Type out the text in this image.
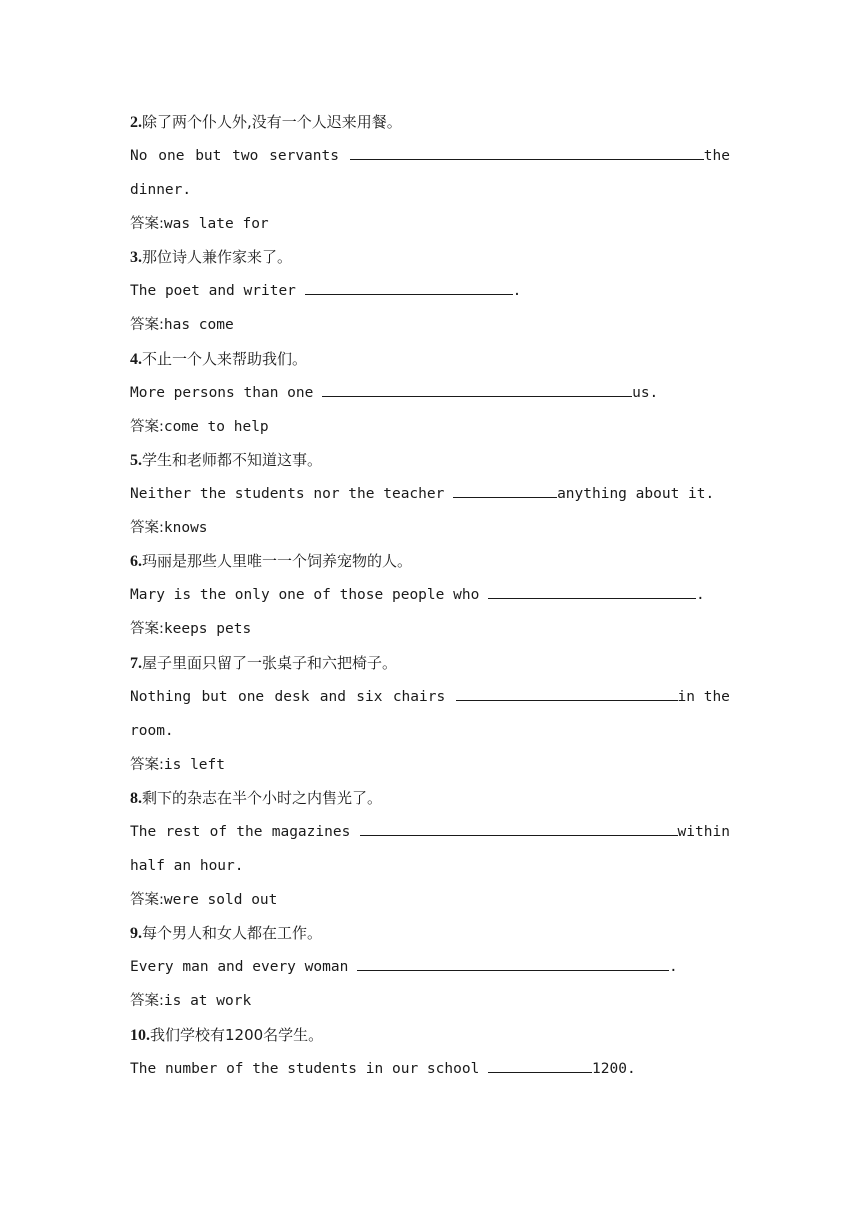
2.除了两个仆人外,没有一个人迟来用餐。
No one but two servants	the
dinner.
答案:was late for
3.那位诗人兼作家来了。
The
poet
and
writer
	.
答案:has come
4.不止一个人来帮助我们。
More
persons
than
one
	us.
答案:come to help
5.学生和老师都不知道这事。
Neither
the
students
nor
the
teacher
	anything about it.
答案:knows
6.玛丽是那些人里唯一一个饲养宠物的人。
Mary
is
the
only
one
of
those
people
who
	.
答案:keeps pets
7.屋子里面只留了一张桌子和六把椅子。
Nothing but one desk and six chairs	in the
room.
答案:is left
8.剩下的杂志在半个小时之内售光了。
The rest of the magazines	within
half an hour.
答案:were sold out
9.每个男人和女人都在工作。
Every
man
and
every
woman
	.
答案:is at work
10.我们学校有1200名学生。
The
number
of
the
students
in
our
school
	1200.
